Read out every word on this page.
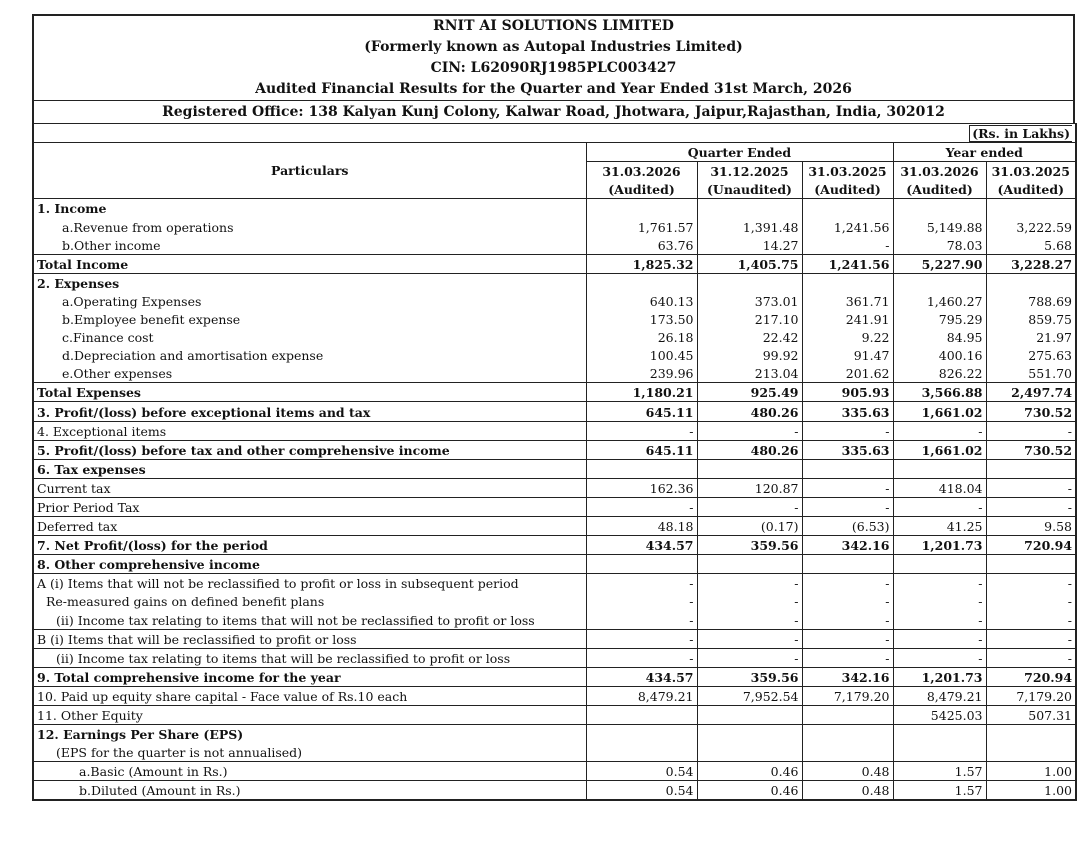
RNIT AI SOLUTIONS LIMITED
(Formerly known as Autopal Industries Limited)
CIN: L62090RJ1985PLC003427
Audited Financial Results for the Quarter and Year Ended 31st March, 2026
Registered Office: 138 Kalyan Kunj Colony, Kalwar Road, Jhotwara, Jaipur,Rajasthan, India, 302012
				(Rs. in Lakhs)	
Particulars	Quarter Ended			Year ended	
	31.03.2026	31.12.2025	31.03.2025	31.03.2026	31.03.2025
	(Audited)	(Unaudited)	(Audited)	(Audited)	(Audited)
1. Income					
a.Revenue from operations	1,761.57	1,391.48	1,241.56	5,149.88	3,222.59
b.Other income	63.76	14.27	-	78.03	5.68
Total Income	1,825.32	1,405.75	1,241.56	5,227.90	3,228.27
2. Expenses					
a.Operating Expenses	640.13	373.01	361.71	1,460.27	788.69
b.Employee benefit expense	173.50	217.10	241.91	795.29	859.75
c.Finance cost	26.18	22.42	9.22	84.95	21.97
d.Depreciation and amortisation expense	100.45	99.92	91.47	400.16	275.63
e.Other expenses	239.96	213.04	201.62	826.22	551.70
Total Expenses	1,180.21	925.49	905.93	3,566.88	2,497.74
3. Profit/(loss) before exceptional items and tax	645.11	480.26	335.63	1,661.02	730.52
4. Exceptional items	-	-	-	-	-
5. Profit/(loss) before tax and other comprehensive income	645.11	480.26	335.63	1,661.02	730.52
6. Tax expenses					
Current tax	162.36	120.87	-	418.04	-
Prior Period Tax	-	-	-	-	-
Deferred tax	48.18	(0.17)	(6.53)	41.25	9.58
7. Net Profit/(loss) for the period	434.57	359.56	342.16	1,201.73	720.94
8. Other comprehensive income					
A (i) Items that will not be reclassified to profit or loss in subsequent period	-	-	-	-	-
Re-measured gains on defined benefit plans	-	-	-	-	-
(ii) Income tax relating to items that will not be reclassified to profit or loss	-	-	-	-	-
B (i) Items that will be reclassified to profit or loss	-	-	-	-	-
(ii) Income tax relating to items that will be reclassified to profit or loss	-	-	-	-	-
9. Total comprehensive income for the year	434.57	359.56	342.16	1,201.73	720.94
10. Paid up equity share capital - Face value of Rs.10 each	8,479.21	7,952.54	7,179.20	8,479.21	7,179.20
11. Other Equity				5425.03	507.31
12. Earnings Per Share (EPS)					
(EPS for the quarter is not annualised)					
a.Basic (Amount in Rs.)	0.54	0.46	0.48	1.57	1.00
b.Diluted (Amount in Rs.)	0.54	0.46	0.48	1.57	1.00
